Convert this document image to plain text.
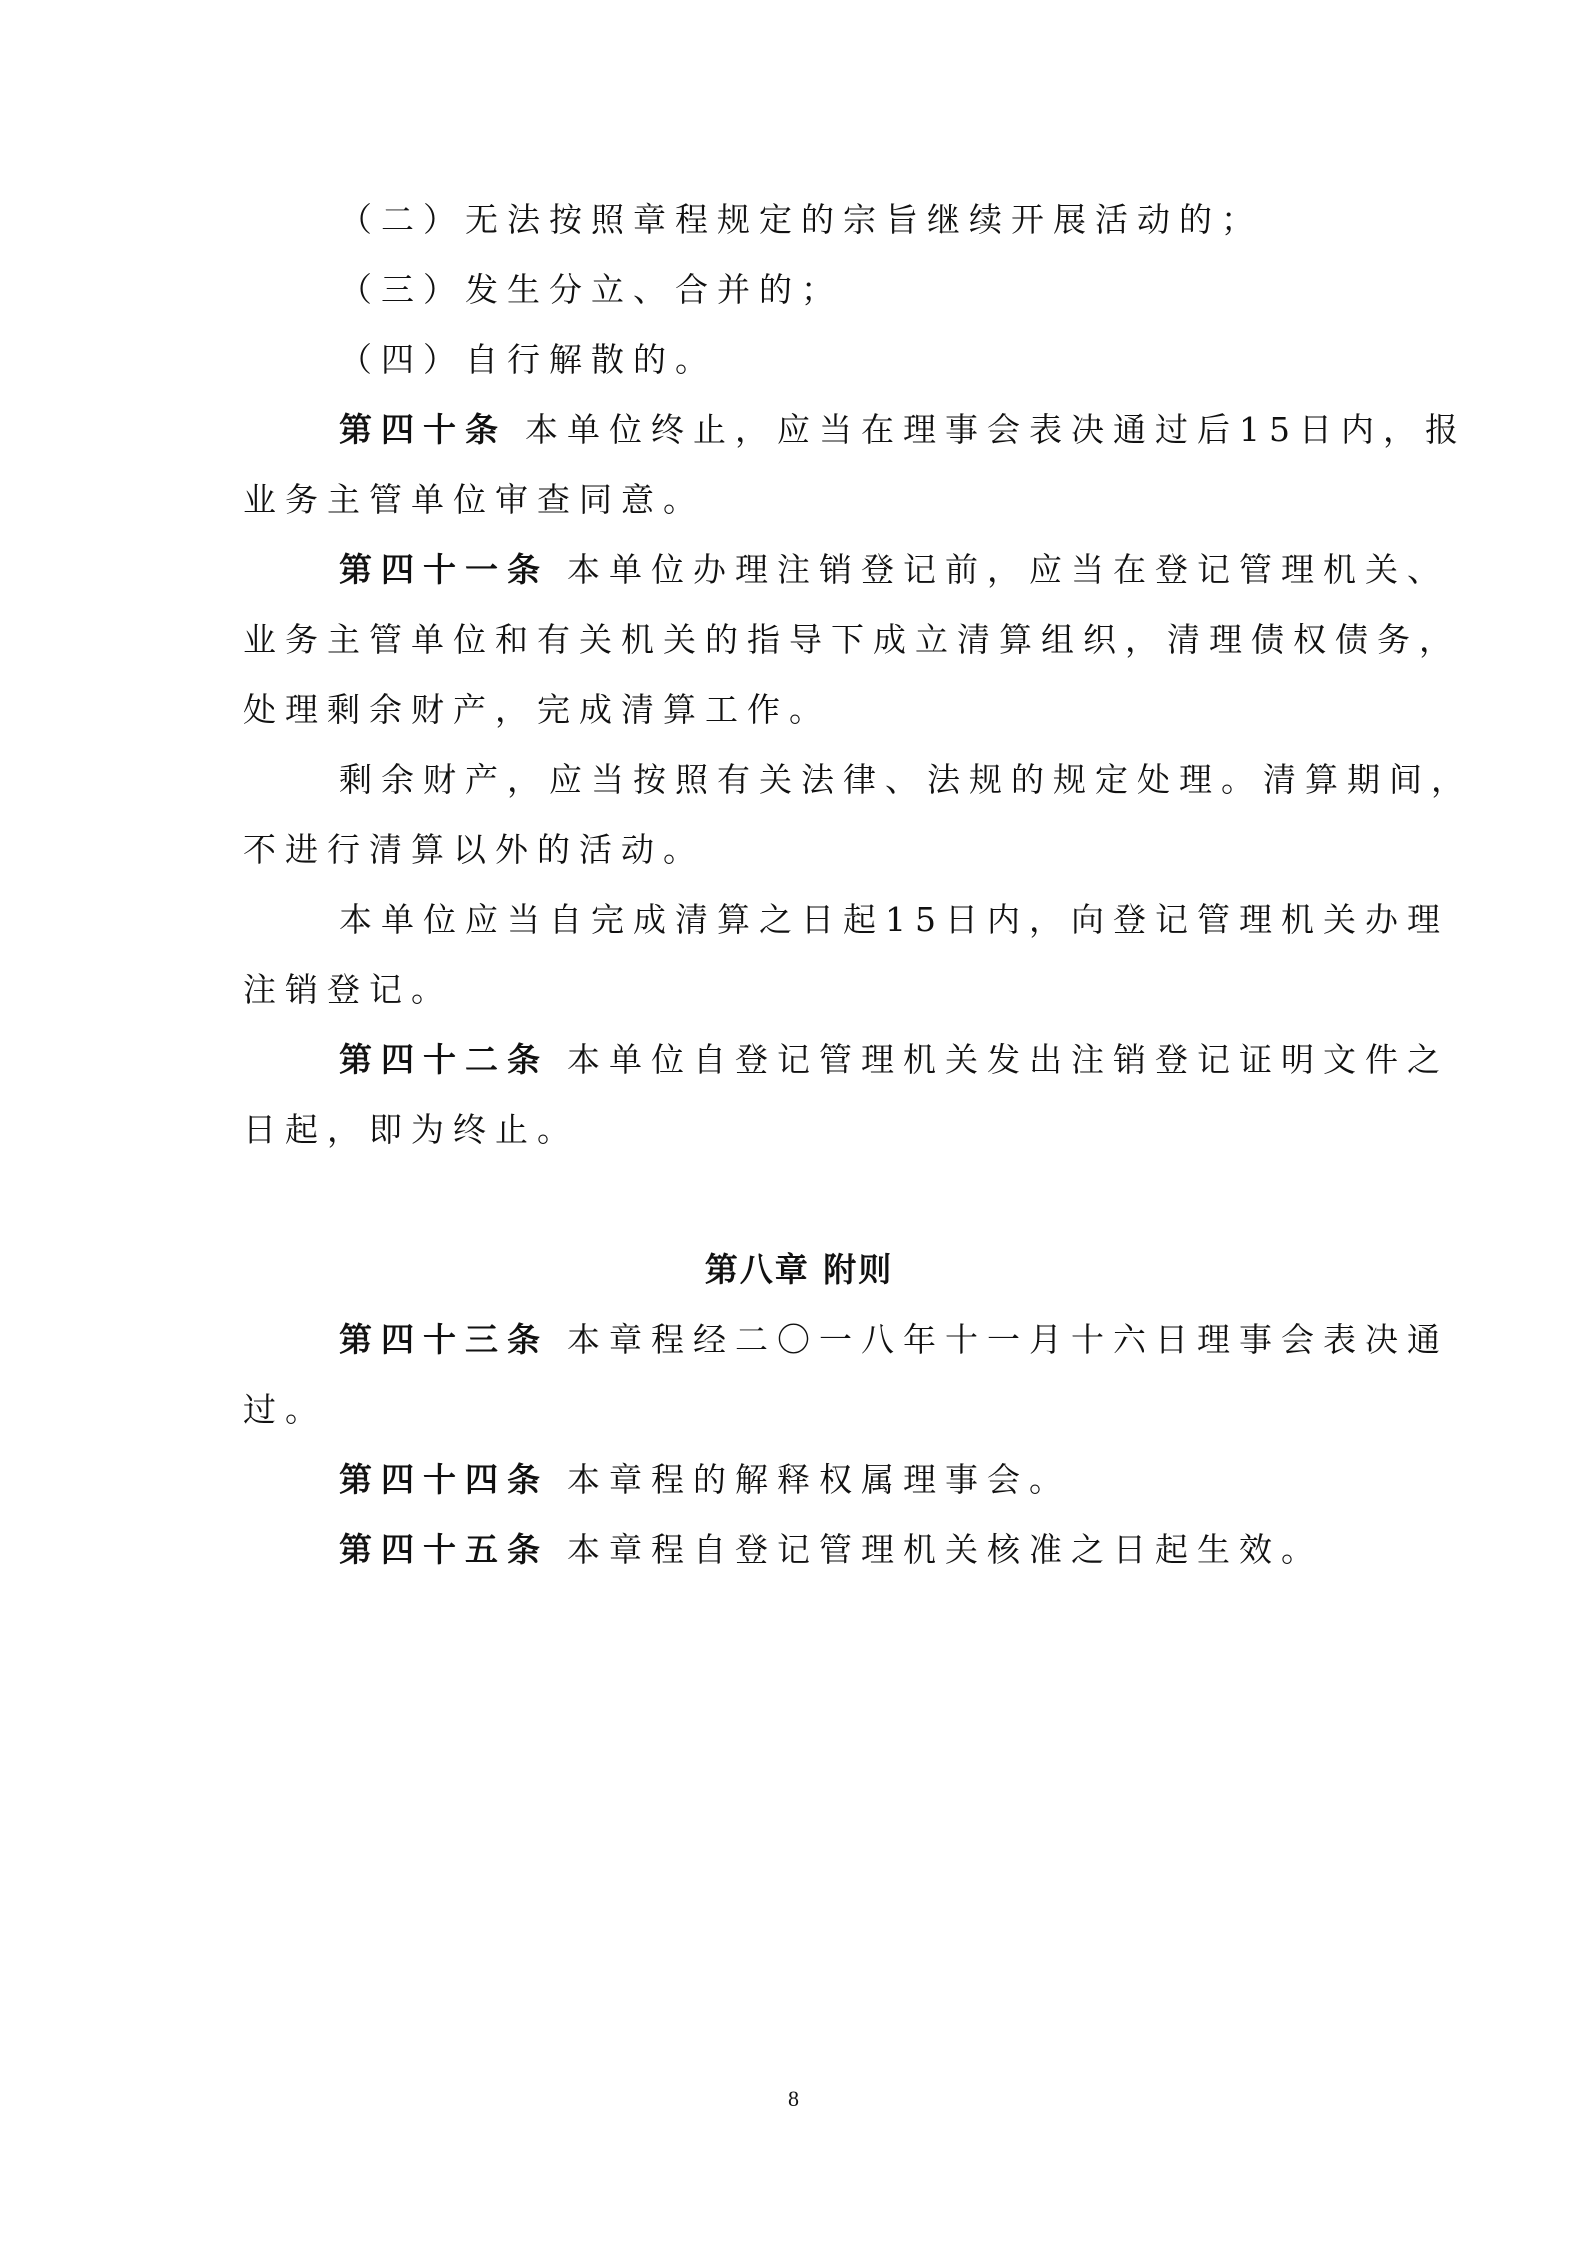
（二）无法按照章程规定的宗旨继续开展活动的；
（三）发生分立、合并的；
（四）自行解散的。
第四十条 本单位终止，应当在理事会表决通过后15日内，报
业务主管单位审查同意。
第四十一条 本单位办理注销登记前，应当在登记管理机关、
业务主管单位和有关机关的指导下成立清算组织，清理债权债务，
处理剩余财产，完成清算工作。
剩余财产，应当按照有关法律、法规的规定处理。清算期间，
不进行清算以外的活动。
本单位应当自完成清算之日起15日内，向登记管理机关办理
注销登记。
第四十二条 本单位自登记管理机关发出注销登记证明文件之
日起，即为终止。
第八章 附则
第四十三条 本章程经二〇一八年十一月十六日理事会表决通
过。
第四十四条 本章程的解释权属理事会。
第四十五条 本章程自登记管理机关核准之日起生效。
8
